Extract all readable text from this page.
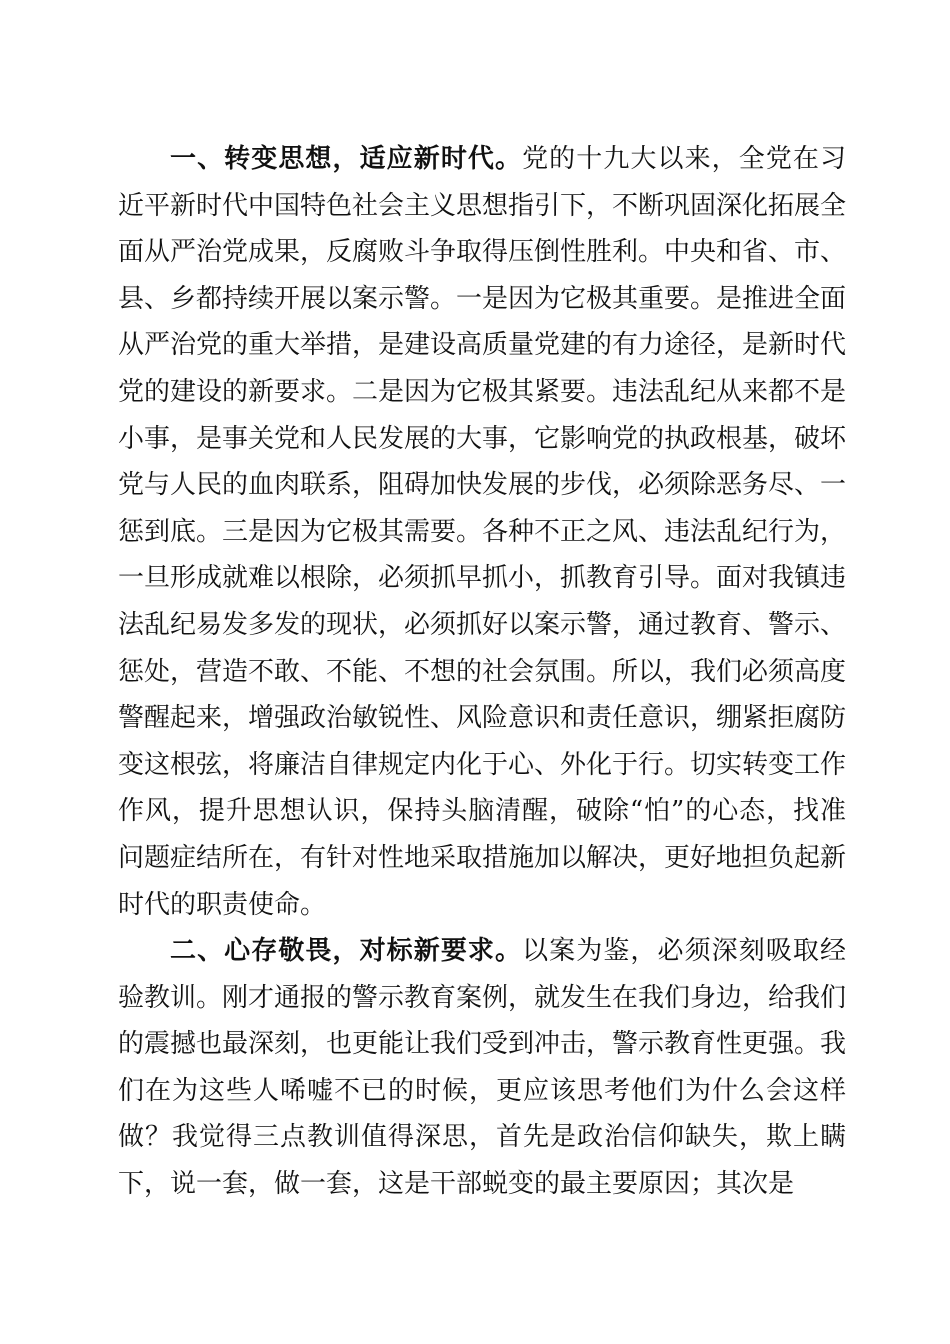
一、转变思想，适应新时代。党的十九大以来，全党在习近平新时代中国特色社会主义思想指引下，不断巩固深化拓展全面从严治党成果，反腐败斗争取得压倒性胜利。中央和省、市、县、乡都持续开展以案示警。一是因为它极其重要。是推进全面从严治党的重大举措，是建设高质量党建的有力途径，是新时代党的建设的新要求。二是因为它极其紧要。违法乱纪从来都不是小事，是事关党和人民发展的大事，它影响党的执政根基，破坏党与人民的血肉联系，阻碍加快发展的步伐，必须除恶务尽、一惩到底。三是因为它极其需要。各种不正之风、违法乱纪行为，一旦形成就难以根除，必须抓早抓小，抓教育引导。面对我镇违法乱纪易发多发的现状，必须抓好以案示警，通过教育、警示、惩处，营造不敢、不能、不想的社会氛围。所以，我们必须高度警醒起来，增强政治敏锐性、风险意识和责任意识，绷紧拒腐防变这根弦，将廉洁自律规定内化于心、外化于行。切实转变工作作风，提升思想认识，保持头脑清醒，破除“怕”的心态，找准问题症结所在，有针对性地采取措施加以解决，更好地担负起新时代的职责使命。

二、心存敬畏，对标新要求。以案为鉴，必须深刻吸取经验教训。刚才通报的警示教育案例，就发生在我们身边，给我们的震撼也最深刻，也更能让我们受到冲击，警示教育性更强。我们在为这些人唏嘘不已的时候，更应该思考他们为什么会这样做？我觉得三点教训值得深思，首先是政治信仰缺失，欺上瞒下，说一套，做一套，这是干部蜕变的最主要原因；其次是
